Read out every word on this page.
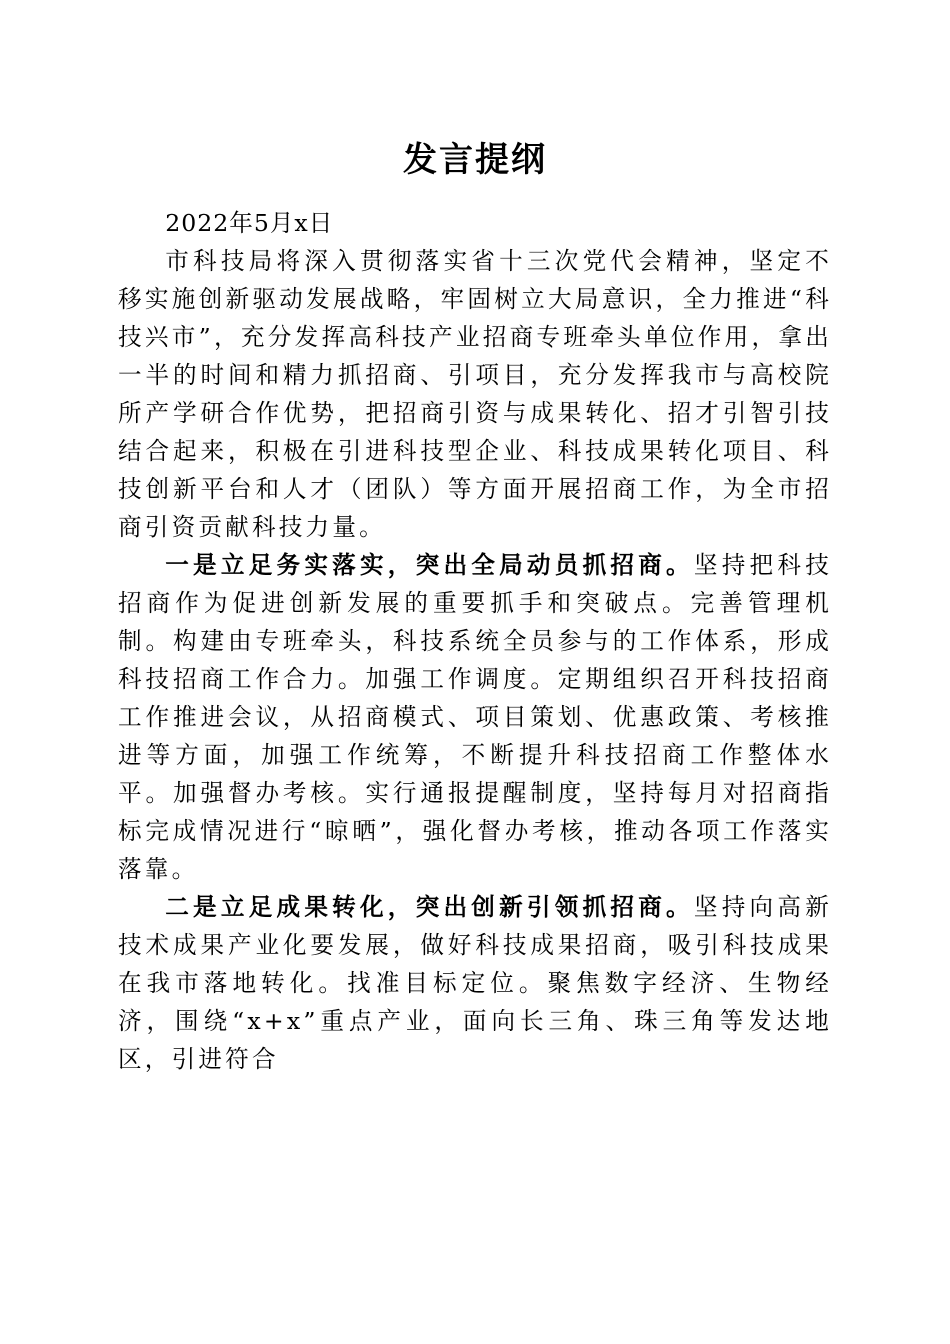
发言提纲

2022年5月x日

市科技局将深入贯彻落实省十三次党代会精神，坚定不移实施创新驱动发展战略，牢固树立大局意识，全力推进“科技兴市”，充分发挥高科技产业招商专班牵头单位作用，拿出一半的时间和精力抓招商、引项目，充分发挥我市与高校院所产学研合作优势，把招商引资与成果转化、招才引智引技结合起来，积极在引进科技型企业、科技成果转化项目、科技创新平台和人才（团队）等方面开展招商工作，为全市招商引资贡献科技力量。

一是立足务实落实，突出全局动员抓招商。坚持把科技招商作为促进创新发展的重要抓手和突破点。完善管理机制。构建由专班牵头，科技系统全员参与的工作体系，形成科技招商工作合力。加强工作调度。定期组织召开科技招商工作推进会议，从招商模式、项目策划、优惠政策、考核推进等方面，加强工作统筹，不断提升科技招商工作整体水平。加强督办考核。实行通报提醒制度，坚持每月对招商指标完成情况进行“晾晒”，强化督办考核，推动各项工作落实落靠。

二是立足成果转化，突出创新引领抓招商。坚持向高新技术成果产业化要发展，做好科技成果招商，吸引科技成果在我市落地转化。找准目标定位。聚焦数字经济、生物经济，围绕“x+x”重点产业，面向长三角、珠三角等发达地区，引进符合
